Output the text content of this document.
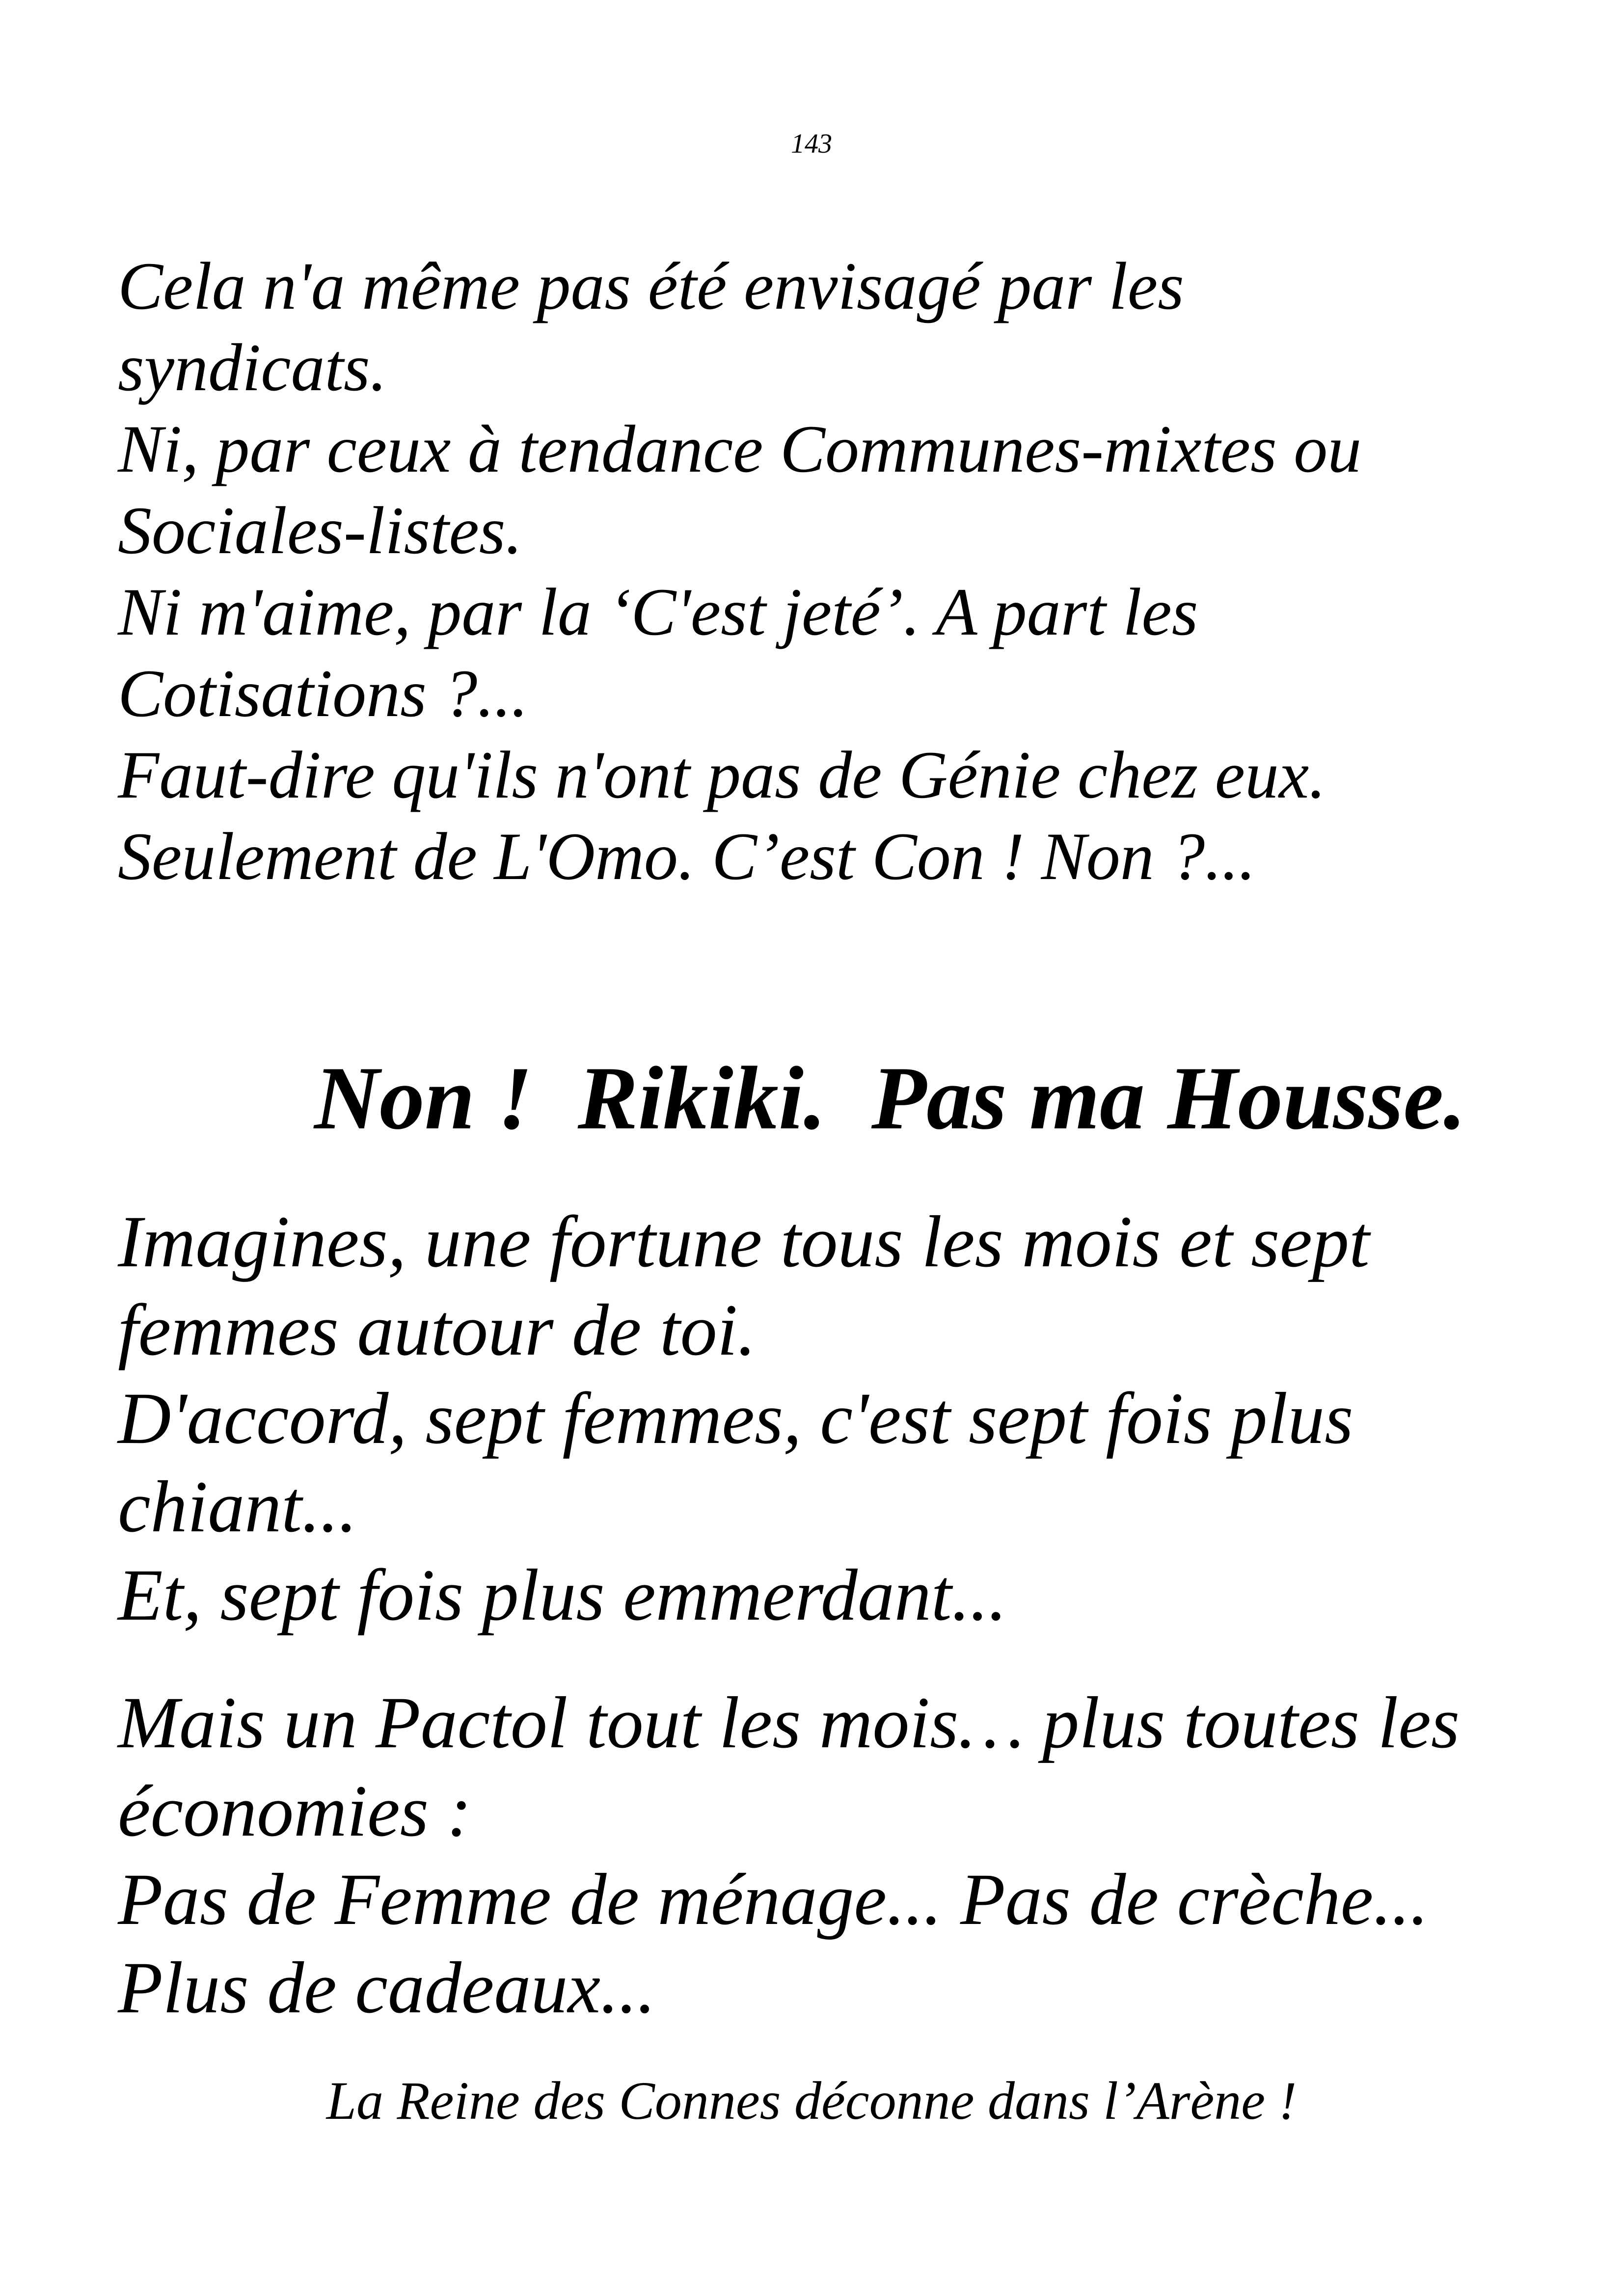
143
Cela n'a même pas été envisagé par les
syndicats.
Ni, par ceux à tendance Communes-mixtes ou
Sociales-listes.
Ni m'aime, par la ‘C'est jeté’. A part les
Cotisations ?...
Faut-dire qu'ils n'ont pas de Génie chez eux.
Seulement de L'Omo. C’est Con ! Non ?...
Non !  Rikiki.  Pas ma Housse.
Imagines, une fortune tous les mois et sept
femmes autour de toi.
D'accord, sept femmes, c'est sept fois plus
chiant...
Et, sept fois plus emmerdant...
Mais un Pactol tout les mois… plus toutes les
économies :
Pas de Femme de ménage... Pas de crèche...
Plus de cadeaux...
La Reine des Connes déconne dans l’Arène !
